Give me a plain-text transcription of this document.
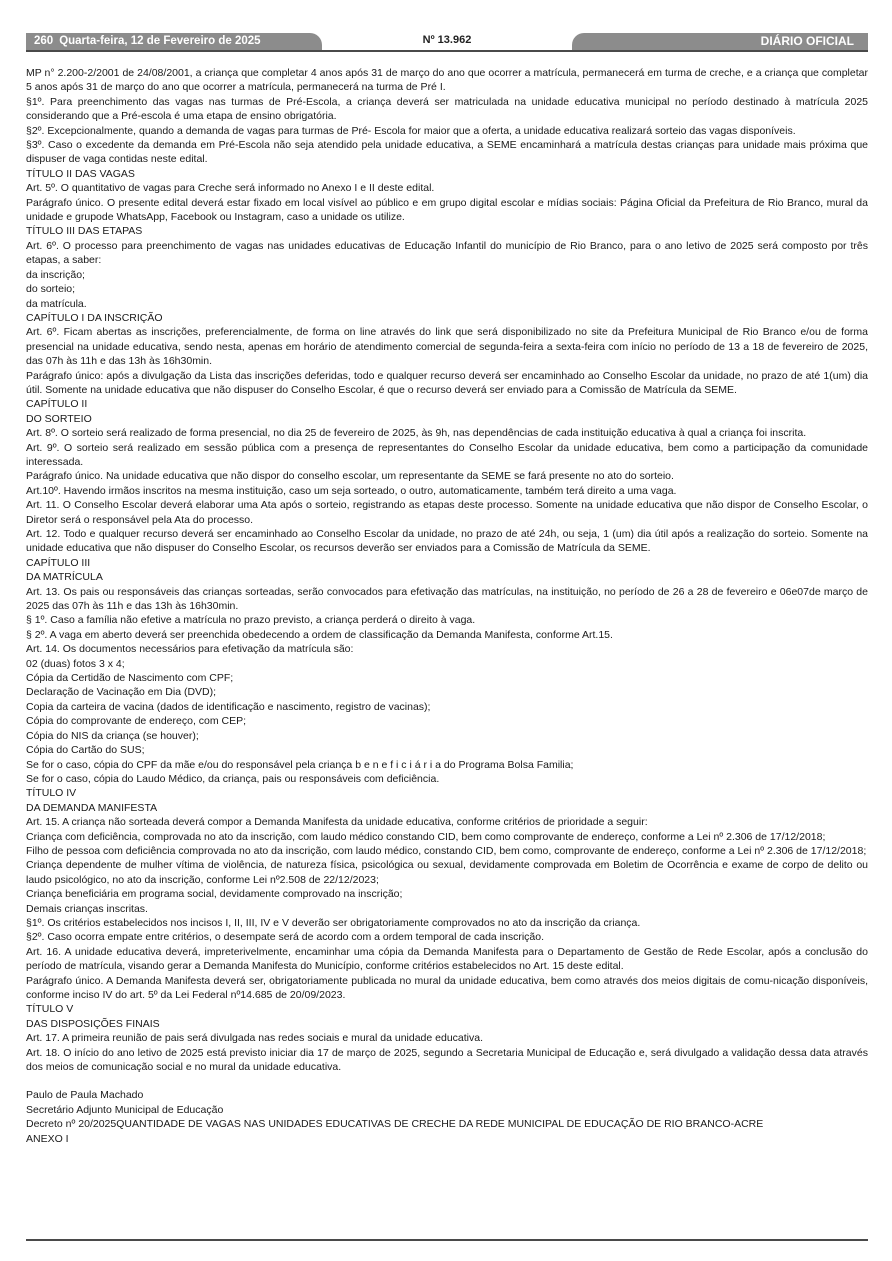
260 Quarta-feira, 12 de Fevereiro de 2025	Nº 13.962	DIÁRIO OFICIAL

MP n° 2.200-2/2001 de 24/08/2001, a criança que completar 4 anos após 31 de março do ano que ocorrer a matrícula, permanecerá em turma de creche, e a criança que completar 5 anos após 31 de março do ano que ocorrer a matrícula, permanecerá na turma de Pré I.

§1º. Para preenchimento das vagas nas turmas de Pré-Escola, a criança deverá ser matriculada na unidade educativa municipal no período destinado à matrícula 2025 considerando que a Pré-escola é uma etapa de ensino obrigatória.

§2º. Excepcionalmente, quando a demanda de vagas para turmas de Pré- Escola for maior que a oferta, a unidade educativa realizará sorteio das vagas disponíveis.

§3º. Caso o excedente da demanda em Pré-Escola não seja atendido pela unidade educativa, a SEME encaminhará a matrícula destas crianças para unidade mais próxima que dispuser de vaga contidas neste edital.

TÍTULO II DAS VAGAS

Art. 5º. O quantitativo de vagas para Creche será informado no Anexo I e II deste edital.

Parágrafo único. O presente edital deverá estar fixado em local visível ao público e em grupo digital escolar e mídias sociais: Página Oficial da Prefeitura de Rio Branco, mural da unidade e grupode WhatsApp, Facebook ou Instagram, caso a unidade os utilize.

TÍTULO III DAS ETAPAS

Art. 6º. O processo para preenchimento de vagas nas unidades educativas de Educação Infantil do município de Rio Branco, para o ano letivo de 2025 será composto por três etapas, a saber:

da inscrição;

do sorteio;

da matrícula.

CAPÍTULO I DA INSCRIÇÃO

Art. 6º. Ficam abertas as inscrições, preferencialmente, de forma on line através do link que será disponibilizado no site da Prefeitura Municipal de Rio Branco e/ou de forma presencial na unidade educativa, sendo nesta, apenas em horário de atendimento comercial de segunda-feira a sexta-feira com início no período de 13 a 18 de fevereiro de 2025, das 07h às 11h e das 13h às 16h30min.

Parágrafo único: após a divulgação da Lista das inscrições deferidas, todo e qualquer recurso deverá ser encaminhado ao Conselho Escolar da unidade, no prazo de até 1(um) dia útil. Somente na unidade educativa que não dispuser do Conselho Escolar, é que o recurso deverá ser enviado para a Comissão de Matrícula da SEME.

CAPÍTULO II

DO SORTEIO

Art. 8º. O sorteio será realizado de forma presencial, no dia 25 de fevereiro de 2025, às 9h, nas dependências de cada instituição educativa à qual a criança foi inscrita.

Art. 9º. O sorteio será realizado em sessão pública com a presença de representantes do Conselho Escolar da unidade educativa, bem como a participação da comunidade interessada.

Parágrafo único. Na unidade educativa que não dispor do conselho escolar, um representante da SEME se fará presente no ato do sorteio.

Art.10º. Havendo irmãos inscritos na mesma instituição, caso um seja sorteado, o outro, automaticamente, também terá direito a uma vaga.

Art. 11. O Conselho Escolar deverá elaborar uma Ata após o sorteio, registrando as etapas deste processo. Somente na unidade educativa que não dispor de Conselho Escolar, o Diretor será o responsável pela Ata do processo.

Art. 12. Todo e qualquer recurso deverá ser encaminhado ao Conselho Escolar da unidade, no prazo de até 24h, ou seja, 1 (um) dia útil após a realização do sorteio. Somente na unidade educativa que não dispuser do Conselho Escolar, os recursos deverão ser enviados para a Comissão de Matrícula da SEME.

CAPÍTULO III

DA MATRÍCULA

Art. 13. Os pais ou responsáveis das crianças sorteadas, serão convocados para efetivação das matrículas, na instituição, no período de 26 a 28 de fevereiro e 06e07de março de 2025 das 07h às 11h e das 13h às 16h30min.

§ 1º. Caso a família não efetive a matrícula no prazo previsto, a criança perderá o direito à vaga.

§ 2º. A vaga em aberto deverá ser preenchida obedecendo a ordem de classificação da Demanda Manifesta, conforme Art.15.

Art. 14. Os documentos necessários para efetivação da matrícula são:

02 (duas) fotos 3 x 4;

Cópia da Certidão de Nascimento com CPF;

Declaração de Vacinação em Dia (DVD);

Copia da carteira de vacina (dados de identificação e nascimento, registro de vacinas);

Cópia do comprovante de endereço, com CEP;

Cópia do NIS da criança (se houver);

Cópia do Cartão do SUS;

Se for o caso, cópia do CPF da mãe e/ou do responsável pela criança b e n e f i c i á r i a do Programa Bolsa Familia;

Se for o caso, cópia do Laudo Médico, da criança, pais ou responsáveis com deficiência.

TÍTULO IV

DA DEMANDA MANIFESTA

Art. 15. A criança não sorteada deverá compor a Demanda Manifesta da unidade educativa, conforme critérios de prioridade a seguir:

Criança com deficiência, comprovada no ato da inscrição, com laudo médico constando CID, bem como comprovante de endereço, conforme a Lei nº 2.306 de 17/12/2018;

Filho de pessoa com deficiência comprovada no ato da inscrição, com laudo médico, constando CID, bem como, comprovante de endereço, conforme a Lei nº 2.306 de 17/12/2018;

Criança dependente de mulher vítima de violência, de natureza física, psicológica ou sexual, devidamente comprovada em Boletim de Ocorrência e exame de corpo de delito ou laudo psicológico, no ato da inscrição, conforme Lei nº2.508 de 22/12/2023;

Criança beneficiária em programa social, devidamente comprovado na inscrição;

Demais crianças inscritas.

§1º. Os critérios estabelecidos nos incisos I, II, III, IV e V deverão ser obrigatoriamente comprovados no ato da inscrição da criança.

§2º. Caso ocorra empate entre critérios, o desempate será de acordo com a ordem temporal de cada inscrição.

Art. 16. A unidade educativa deverá, impreterivelmente, encaminhar uma cópia da Demanda Manifesta para o Departamento de Gestão de Rede Escolar, após a conclusão do período de matrícula, visando gerar a Demanda Manifesta do Município, conforme critérios estabelecidos no Art. 15 deste edital.

Parágrafo único. A Demanda Manifesta deverá ser, obrigatoriamente publicada no mural da unidade educativa, bem como através dos meios digitais de comu-nicação disponíveis, conforme inciso IV do art. 5º da Lei Federal nº14.685 de 20/09/2023.

TÍTULO V

DAS DISPOSIÇÕES FINAIS

Art. 17. A primeira reunião de pais será divulgada nas redes sociais e mural da unidade educativa.

Art. 18. O início do ano letivo de 2025 está previsto iniciar dia 17 de março de 2025, segundo a Secretaria Municipal de Educação e, será divulgado a validação dessa data através dos meios de comunicação social e no mural da unidade educativa.

Paulo de Paula Machado

Secretário Adjunto Municipal de Educação

Decreto nº 20/2025QUANTIDADE DE VAGAS NAS UNIDADES EDUCATIVAS DE CRECHE DA REDE MUNICIPAL DE EDUCAÇÃO DE RIO BRANCO-ACRE

ANEXO I
